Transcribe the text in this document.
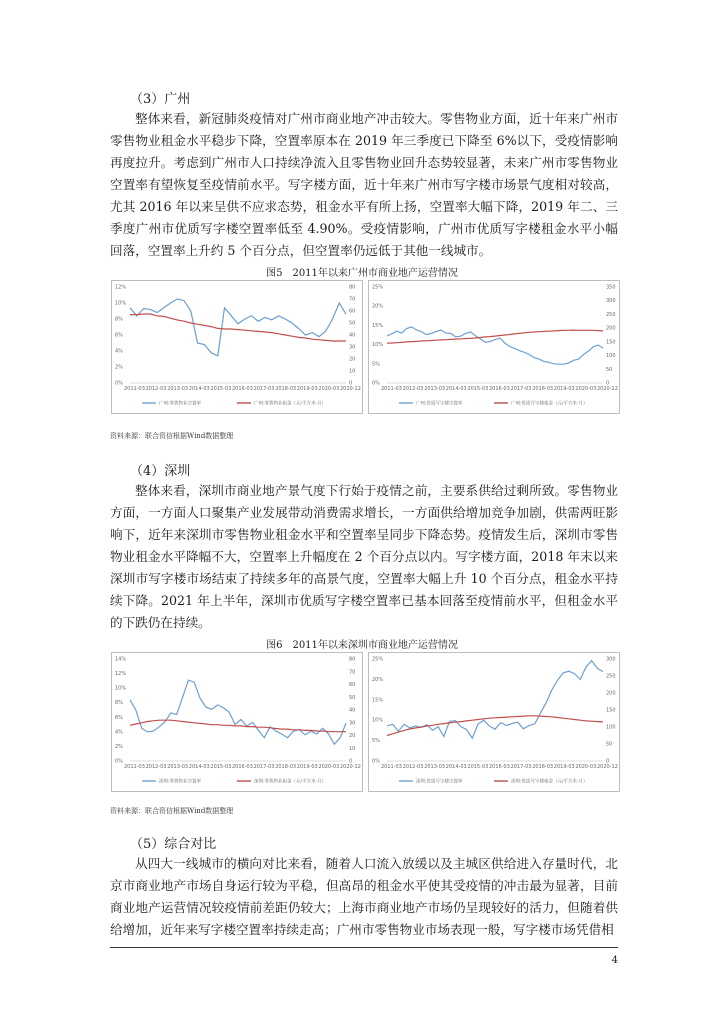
（3）广州

整体来看，新冠肺炎疫情对广州市商业地产冲击较大。零售物业方面，近十年来广州市零售物业租金水平稳步下降，空置率原本在 2019 年三季度已下降至 6%以下，受疫情影响再度拉升。考虑到广州市人口持续净流入且零售物业回升态势较显著，未来广州市零售物业空置率有望恢复至疫情前水平。写字楼方面，近十年来广州市写字楼市场景气度相对较高，尤其 2016 年以来呈供不应求态势，租金水平有所上扬，空置率大幅下降，2019 年二、三季度广州市优质写字楼空置率低至 4.90%。受疫情影响，广州市优质写字楼租金水平小幅回落，空置率上升约 5 个百分点，但空置率仍远低于其他一线城市。

图5　2011年以来广州市商业地产运营情况
0%
2%
4%
6%
8%
10%
12%
0
10
20
30
40
50
60
70
80
2011-03 2012-03 2013-03 2014-03 2015-03 2016-03 2017-03 2018-03 2019-03 2020-03 2020-12
广州:零售物业空置率	广州:零售物业租金（元/平方米·月）
0%
5%
10%
15%
20%
25%
0
50
100
150
200
250
300
350
2011-03 2012-03 2013-03 2014-03 2015-03 2016-03 2017-03 2018-03 2019-03 2020-03 2020-12
广州:优质写字楼空置率	广州:优质写字楼租金（元/平方米·月）
资料来源：联合资信根据Wind数据整理
（4）深圳

整体来看，深圳市商业地产景气度下行始于疫情之前，主要系供给过剩所致。零售物业方面，一方面人口聚集产业发展带动消费需求增长，一方面供给增加竞争加剧，供需两旺影响下，近年来深圳市零售物业租金水平和空置率呈同步下降态势。疫情发生后，深圳市零售物业租金水平降幅不大，空置率上升幅度在 2 个百分点以内。写字楼方面，2018 年末以来深圳市写字楼市场结束了持续多年的高景气度，空置率大幅上升 10 个百分点，租金水平持续下降。2021 年上半年，深圳市优质写字楼空置率已基本回落至疫情前水平，但租金水平的下跌仍在持续。

图6　2011年以来深圳市商业地产运营情况
0%
2%
4%
6%
8%
10%
12%
14%
0
10
20
30
40
50
60
70
80
2011-03 2012-03 2013-03 2014-03 2015-03 2016-03 2017-03 2018-03 2019-03 2020-03 2020-12
深圳:零售物业空置率	深圳:零售物业租金（元/平方米·月）
0%
5%
10%
15%
20%
25%
0
50
100
150
200
250
300
2011-03 2012-03 2013-03 2014-03 2015-03 2016-03 2017-03 2018-03 2019-03 2020-03 2020-12
深圳:优质写字楼空置率	深圳:优质写字楼租金（元/平方米·月）
资料来源：联合资信根据Wind数据整理
（5）综合对比

从四大一线城市的横向对比来看，随着人口流入放缓以及主城区供给进入存量时代，北京市商业地产市场自身运行较为平稳，但高昂的租金水平使其受疫情的冲击最为显著，目前商业地产运营情况较疫情前差距仍较大；上海市商业地产市场仍呈现较好的活力，但随着供给增加，近年来写字楼空置率持续走高；广州市零售物业市场表现一般，写字楼市场凭借相

4
